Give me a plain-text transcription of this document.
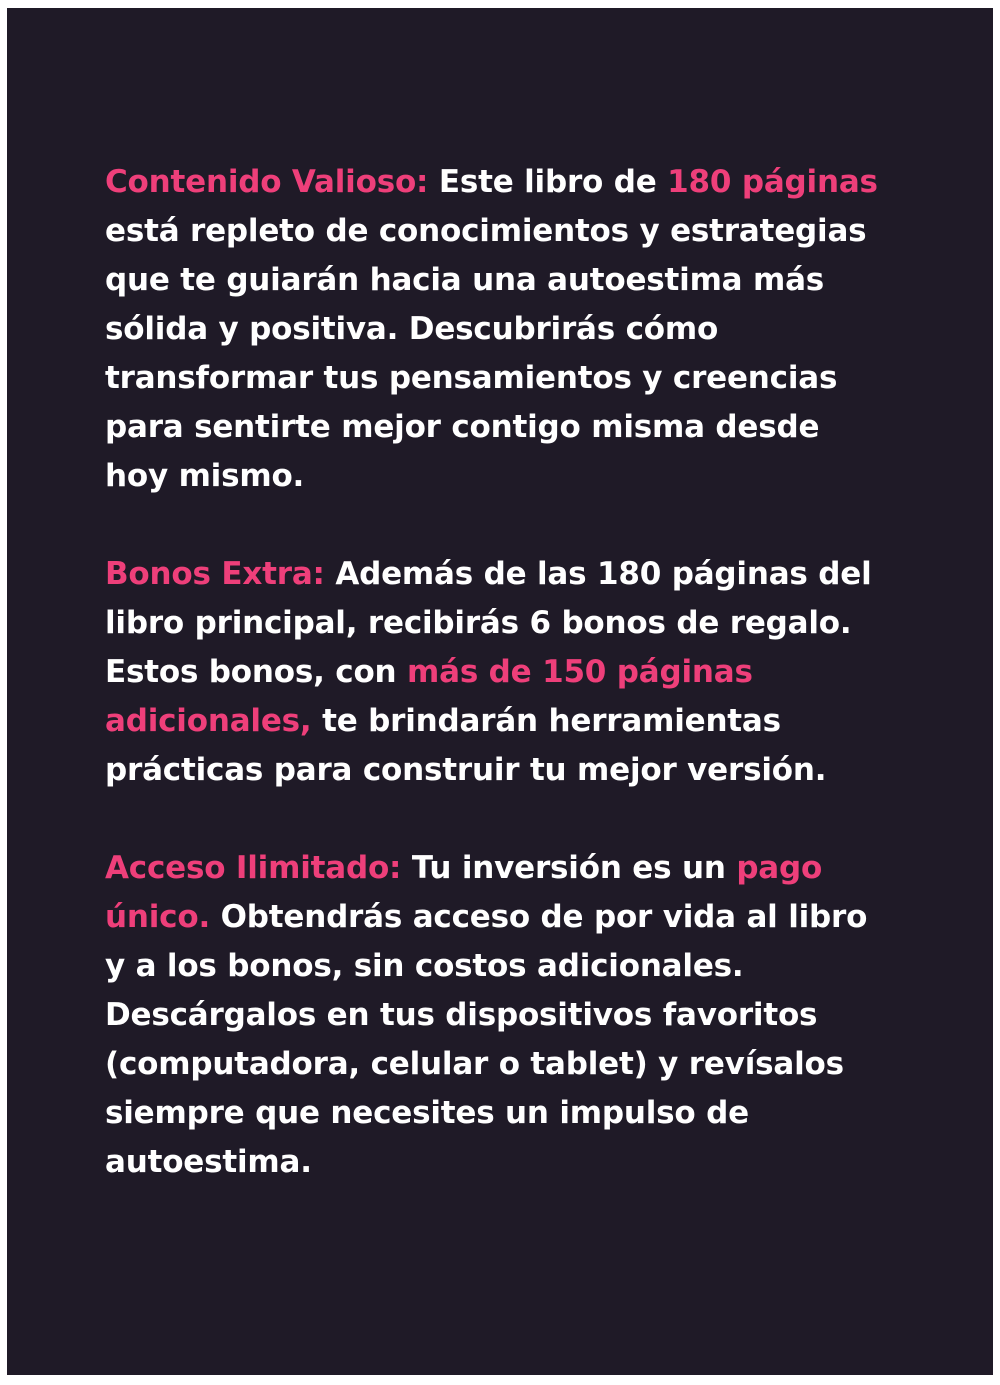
Contenido Valioso: Este libro de 180 páginas
está repleto de conocimientos y estrategias
que te guiarán hacia una autoestima más
sólida y positiva. Descubrirás cómo
transformar tus pensamientos y creencias
para sentirte mejor contigo misma desde
hoy mismo.

Bonos Extra: Además de las 180 páginas del
libro principal, recibirás 6 bonos de regalo.
Estos bonos, con más de 150 páginas
adicionales, te brindarán herramientas
prácticas para construir tu mejor versión.

Acceso Ilimitado: Tu inversión es un pago
único. Obtendrás acceso de por vida al libro
y a los bonos, sin costos adicionales.
Descárgalos en tus dispositivos favoritos
(computadora, celular o tablet) y revísalos
siempre que necesites un impulso de
autoestima.
